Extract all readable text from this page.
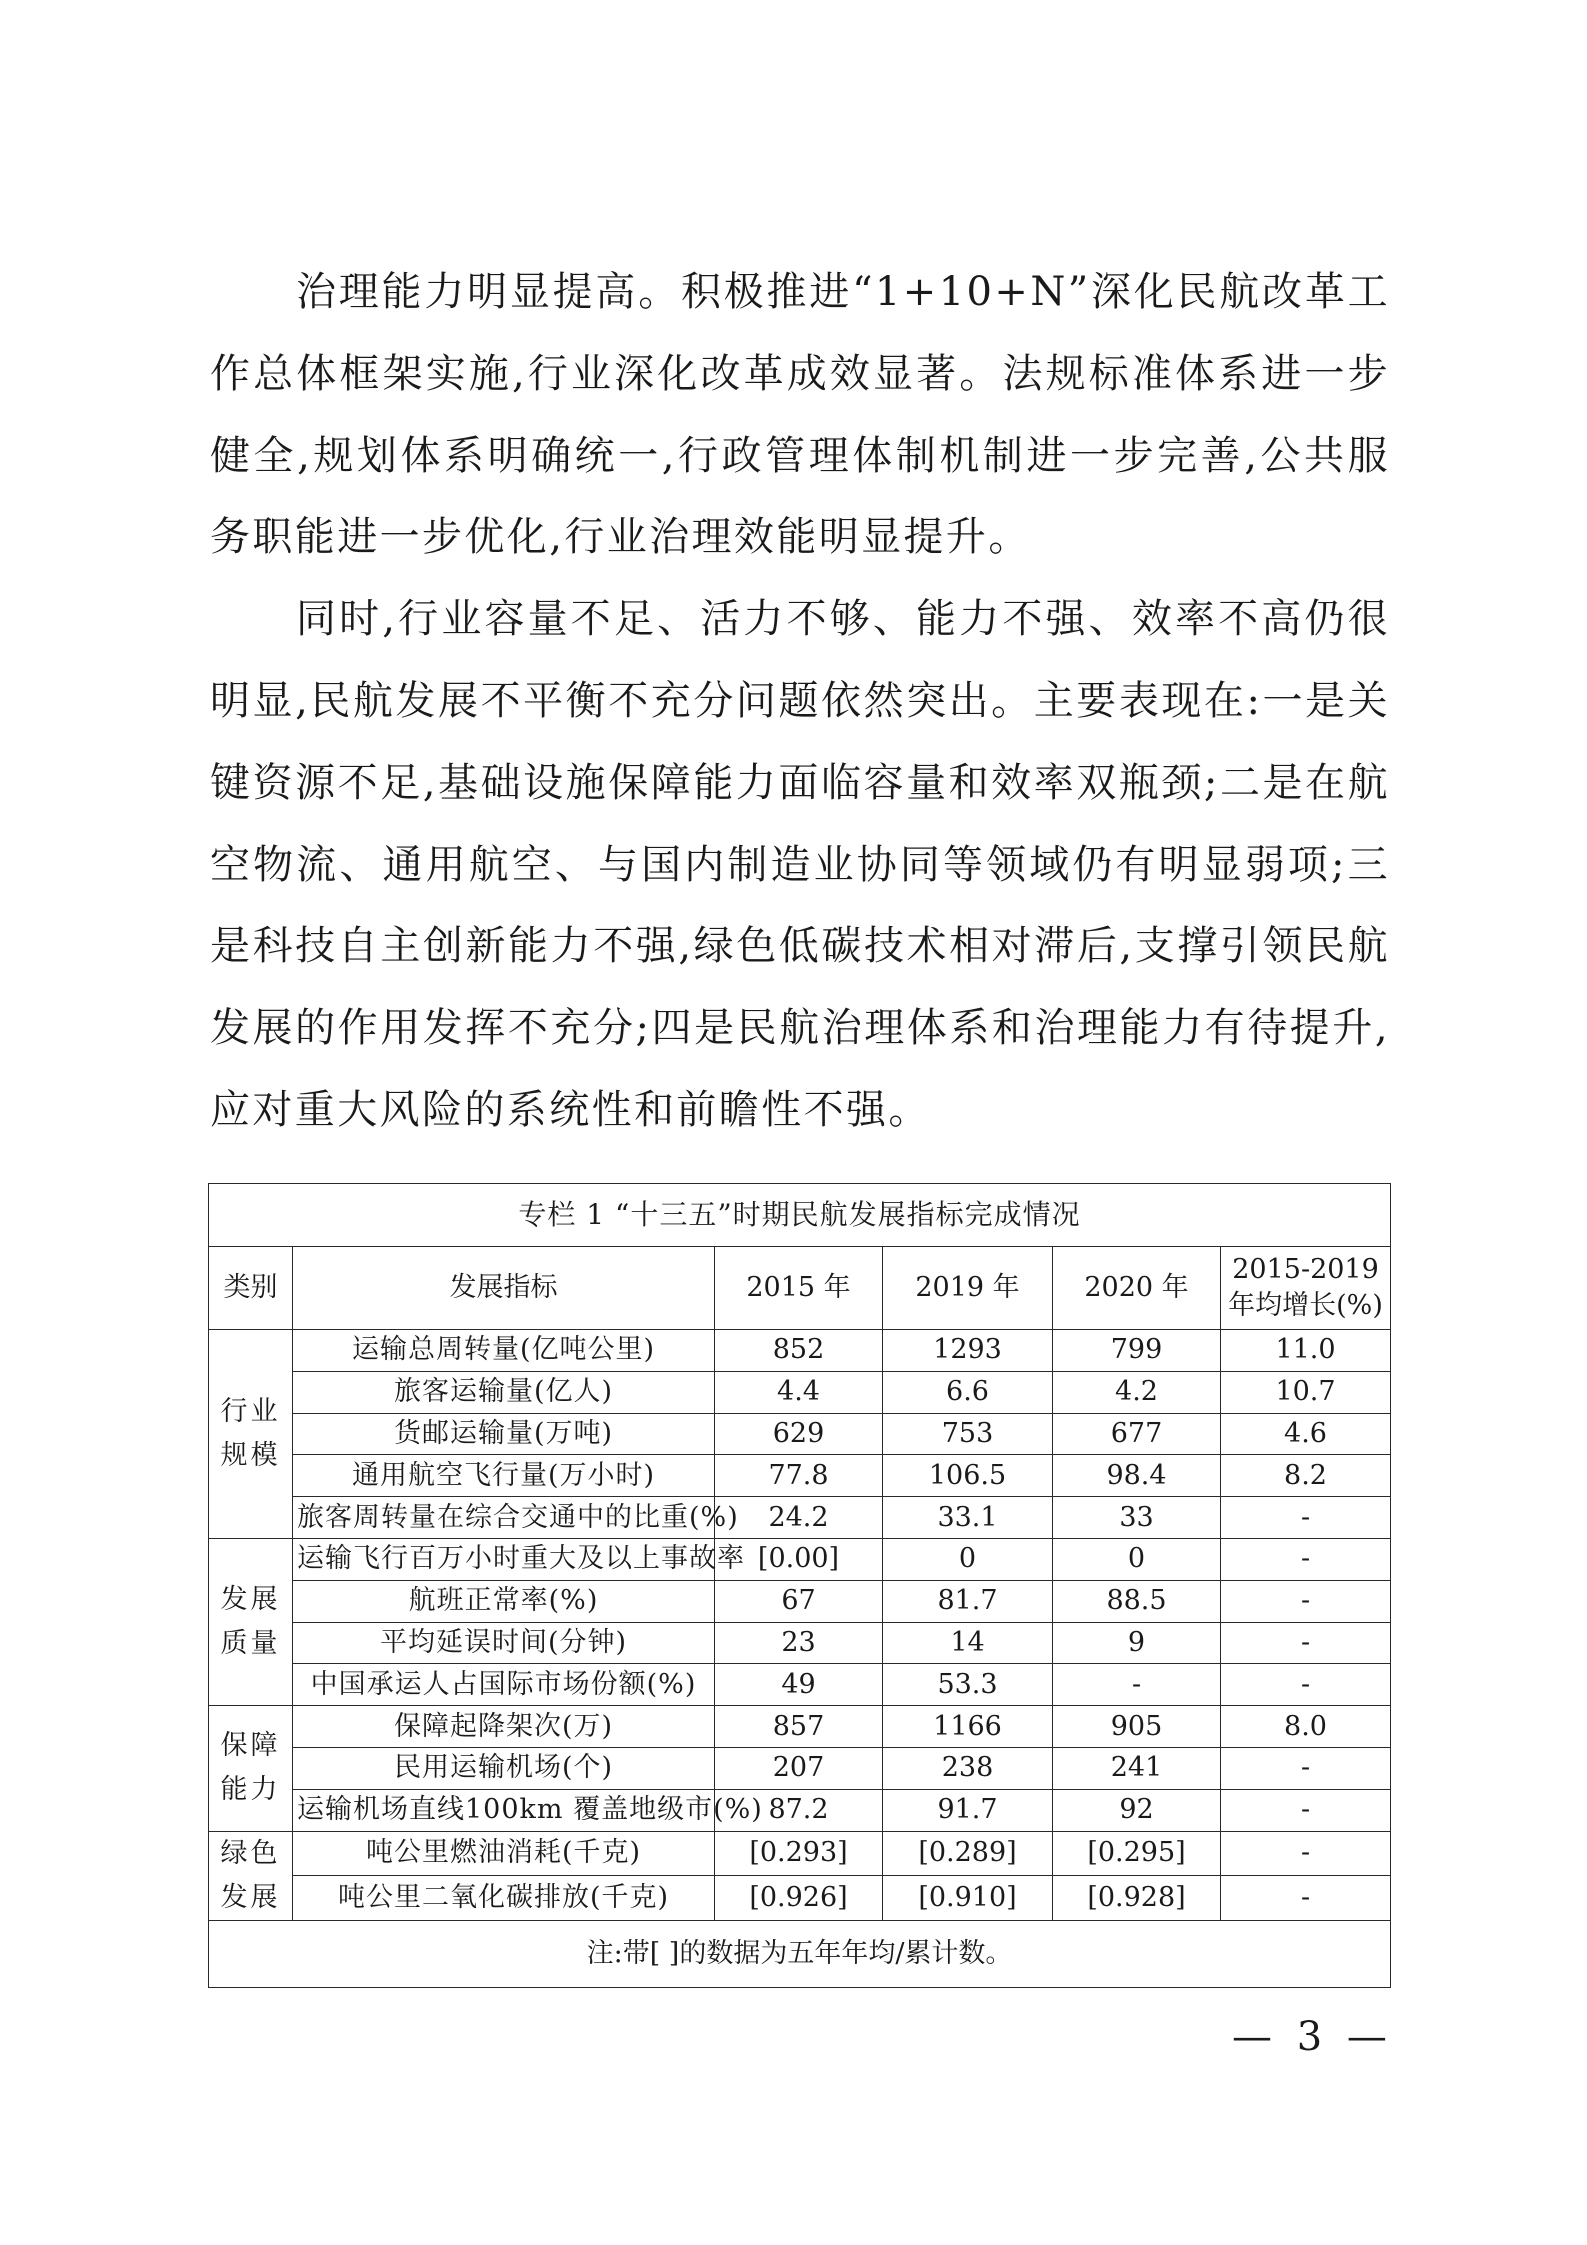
治理能力明显提高。积极推进“1+10+N”深化民航改革工作总体框架实施,行业深化改革成效显著。法规标准体系进一步健全,规划体系明确统一,行政管理体制机制进一步完善,公共服务职能进一步优化,行业治理效能明显提升。

同时,行业容量不足、活力不够、能力不强、效率不高仍很明显,民航发展不平衡不充分问题依然突出。主要表现在:一是关键资源不足,基础设施保障能力面临容量和效率双瓶颈;二是在航空物流、通用航空、与国内制造业协同等领域仍有明显弱项;三是科技自主创新能力不强,绿色低碳技术相对滞后,支撑引领民航发展的作用发挥不充分;四是民航治理体系和治理能力有待提升,应对重大风险的系统性和前瞻性不强。

专栏 1 “十三五”时期民航发展指标完成情况					
类别	发展指标	2015 年	2019 年	2020 年	2015-2019
年均增长(%)
行业规模	运输总周转量(亿吨公里)	852	1293	799	11.0
	旅客运输量(亿人)	4.4	6.6	4.2	10.7
	货邮运输量(万吨)	629	753	677	4.6
	通用航空飞行量(万小时)	77.8	106.5	98.4	8.2
	旅客周转量在综合交通中的比重(%)	24.2	33.1	33	-
发展质量	运输飞行百万小时重大及以上事故率	[0.00]	0	0	-
	航班正常率(%)	67	81.7	88.5	-
	平均延误时间(分钟)	23	14	9	-
	中国承运人占国际市场份额(%)	49	53.3	-	-
保障能力	保障起降架次(万)	857	1166	905	8.0
	民用运输机场(个)	207	238	241	-
	运输机场直线100km 覆盖地级市(%)	87.2	91.7	92	-
绿色发展	吨公里燃油消耗(千克)	[0.293]	[0.289]	[0.295]	-
	吨公里二氧化碳排放(千克)	[0.926]	[0.910]	[0.928]	-
注:带[ ]的数据为五年年均/累计数。					
— 3 —
